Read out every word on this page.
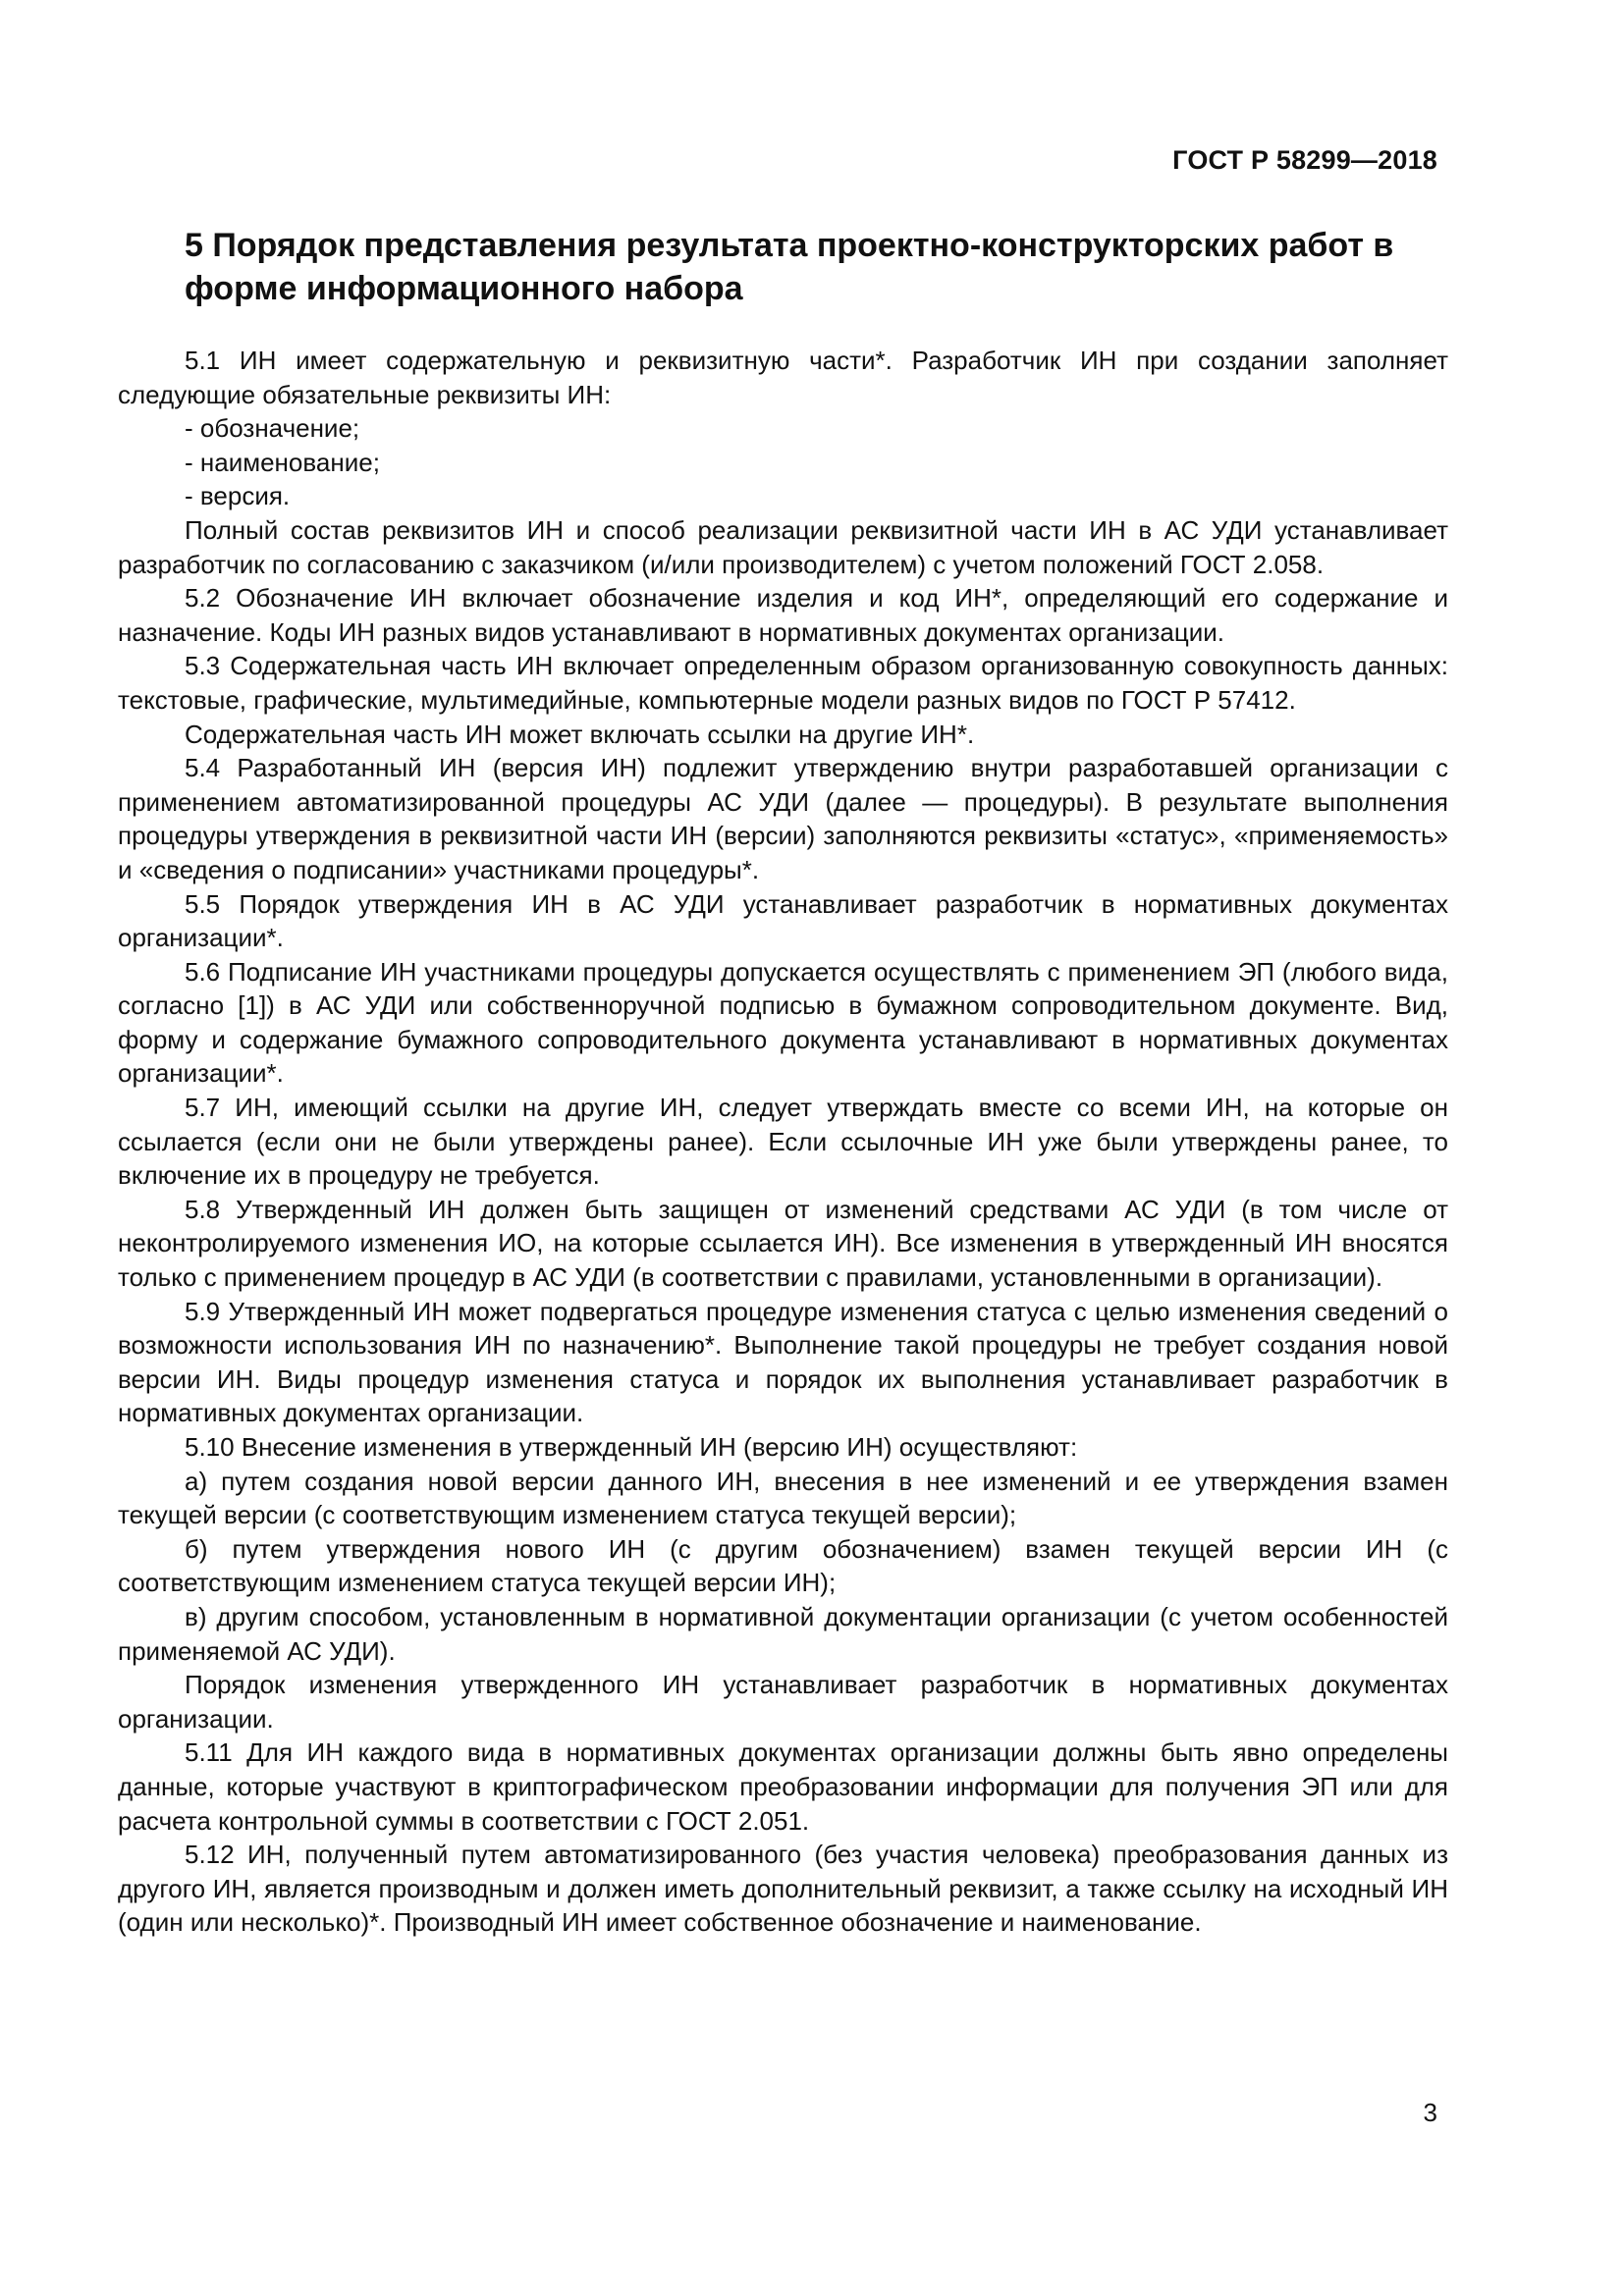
ГОСТ Р 58299—2018
5 Порядок представления результата проектно-конструкторских работ в форме информационного набора

5.1 ИН имеет содержательную и реквизитную части*. Разработчик ИН при создании заполняет следующие обязательные реквизиты ИН:

- обозначение;

- наименование;

- версия.

Полный состав реквизитов ИН и способ реализации реквизитной части ИН в АС УДИ устанавливает разработчик по согласованию с заказчиком (и/или производителем) с учетом положений ГОСТ 2.058.

5.2 Обозначение ИН включает обозначение изделия и код ИН*, определяющий его содержание и назначение. Коды ИН разных видов устанавливают в нормативных документах организации.

5.3 Содержательная часть ИН включает определенным образом организованную совокупность данных: текстовые, графические, мультимедийные, компьютерные модели разных видов по ГОСТ Р 57412.

Содержательная часть ИН может включать ссылки на другие ИН*.

5.4 Разработанный ИН (версия ИН) подлежит утверждению внутри разработавшей организации с применением автоматизированной процедуры АС УДИ (далее — процедуры). В результате выполнения процедуры утверждения в реквизитной части ИН (версии) заполняются реквизиты «статус», «применяемость» и «сведения о подписании» участниками процедуры*.

5.5 Порядок утверждения ИН в АС УДИ устанавливает разработчик в нормативных документах организации*.

5.6 Подписание ИН участниками процедуры допускается осуществлять с применением ЭП (любого вида, согласно [1]) в АС УДИ или собственноручной подписью в бумажном сопроводительном документе. Вид, форму и содержание бумажного сопроводительного документа устанавливают в нормативных документах организации*.

5.7 ИН, имеющий ссылки на другие ИН, следует утверждать вместе со всеми ИН, на которые он ссылается (если они не были утверждены ранее). Если ссылочные ИН уже были утверждены ранее, то включение их в процедуру не требуется.

5.8 Утвержденный ИН должен быть защищен от изменений средствами АС УДИ (в том числе от неконтролируемого изменения ИО, на которые ссылается ИН). Все изменения в утвержденный ИН вносятся только с применением процедур в АС УДИ (в соответствии с правилами, установленными в организации).

5.9 Утвержденный ИН может подвергаться процедуре изменения статуса с целью изменения сведений о возможности использования ИН по назначению*. Выполнение такой процедуры не требует создания новой версии ИН. Виды процедур изменения статуса и порядок их выполнения устанавливает разработчик в нормативных документах организации.

5.10 Внесение изменения в утвержденный ИН (версию ИН) осуществляют:

а) путем создания новой версии данного ИН, внесения в нее изменений и ее утверждения взамен текущей версии (с соответствующим изменением статуса текущей версии);

б) путем утверждения нового ИН (с другим обозначением) взамен текущей версии ИН (с соответствующим изменением статуса текущей версии ИН);

в) другим способом, установленным в нормативной документации организации (с учетом особенностей применяемой АС УДИ).

Порядок изменения утвержденного ИН устанавливает разработчик в нормативных документах организации.

5.11 Для ИН каждого вида в нормативных документах организации должны быть явно определены данные, которые участвуют в криптографическом преобразовании информации для получения ЭП или для расчета контрольной суммы в соответствии с ГОСТ 2.051.

5.12 ИН, полученный путем автоматизированного (без участия человека) преобразования данных из другого ИН, является производным и должен иметь дополнительный реквизит, а также ссылку на исходный ИН (один или несколько)*. Производный ИН имеет собственное обозначение и наименование.

3
